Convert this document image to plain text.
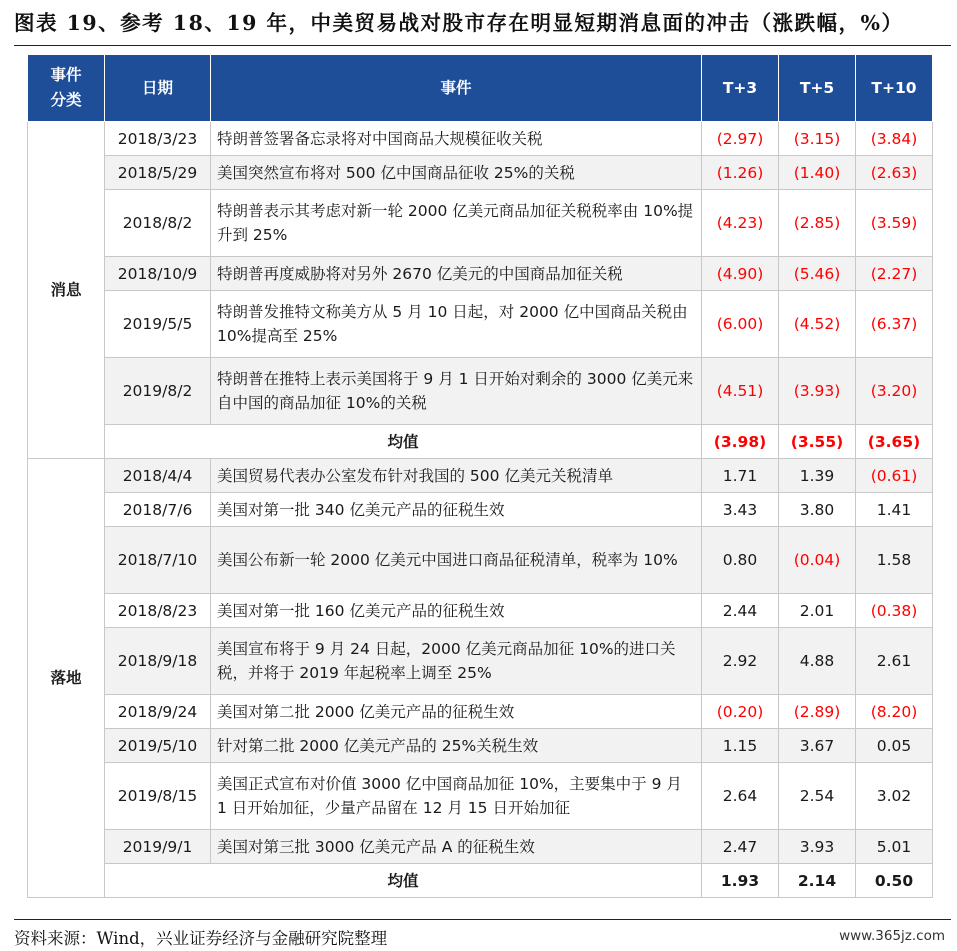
图表 19、参考 18、19 年，中美贸易战对股市存在明显短期消息面的冲击（涨跌幅，%）
事件
分类	日期	事件	T+3	T+5	T+10
消息	2018/3/23	特朗普签署备忘录将对中国商品大规模征收关税	(2.97)	(3.15)	(3.84)
	2018/5/29	美国突然宣布将对 500 亿中国商品征收 25%的关税	(1.26)	(1.40)	(2.63)
	2018/8/2	特朗普表示其考虑对新一轮 2000 亿美元商品加征关税税率由 10%提升到 25%	(4.23)	(2.85)	(3.59)
	2018/10/9	特朗普再度威胁将对另外 2670 亿美元的中国商品加征关税	(4.90)	(5.46)	(2.27)
	2019/5/5	特朗普发推特文称美方从 5 月 10 日起，对 2000 亿中国商品关税由 10%提高至 25%	(6.00)	(4.52)	(6.37)
	2019/8/2	特朗普在推特上表示美国将于 9 月 1 日开始对剩余的 3000 亿美元来自中国的商品加征 10%的关税	(4.51)	(3.93)	(3.20)
	均值		(3.98)	(3.55)	(3.65)
落地	2018/4/4	美国贸易代表办公室发布针对我国的 500 亿美元关税清单	1.71	1.39	(0.61)
	2018/7/6	美国对第一批 340 亿美元产品的征税生效	3.43	3.80	1.41
	2018/7/10	美国公布新一轮 2000 亿美元中国进口商品征税清单，税率为 10%	0.80	(0.04)	1.58
	2018/8/23	美国对第一批 160 亿美元产品的征税生效	2.44	2.01	(0.38)
	2018/9/18	美国宣布将于 9 月 24 日起，2000 亿美元商品加征 10%的进口关税，并将于 2019 年起税率上调至 25%	2.92	4.88	2.61
	2018/9/24	美国对第二批 2000 亿美元产品的征税生效	(0.20)	(2.89)	(8.20)
	2019/5/10	针对第二批 2000 亿美元产品的 25%关税生效	1.15	3.67	0.05
	2019/8/15	美国正式宣布对价值 3000 亿中国商品加征 10%，主要集中于 9 月 1 日开始加征，少量产品留在 12 月 15 日开始加征	2.64	2.54	3.02
	2019/9/1	美国对第三批 3000 亿美元产品 A 的征税生效	2.47	3.93	5.01
	均值		1.93	2.14	0.50
资料来源：Wind，兴业证券经济与金融研究院整理	www.365jz.com
